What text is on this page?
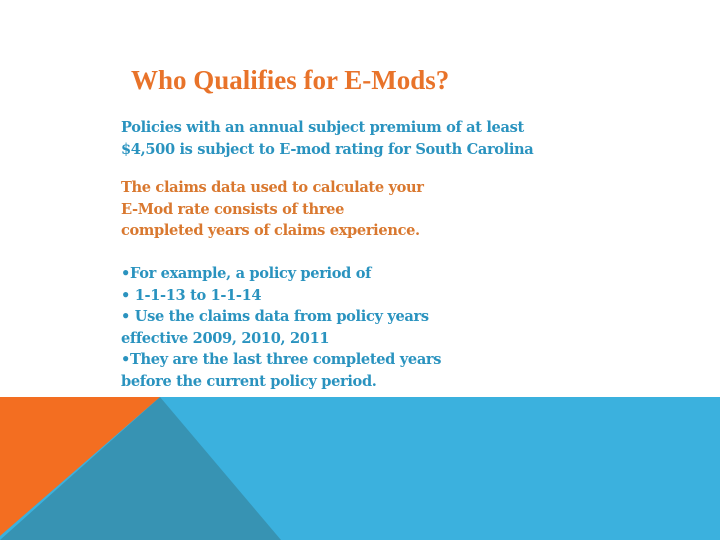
Who Qualifies for E-Mods?

Policies with an annual subject premium of at least
$4,500 is subject to E-mod rating for South Carolina

The claims data used to calculate your
E-Mod rate consists of three
completed years of claims experience.

•For example, a policy period of
• 1-1-13 to 1-1-14
• Use the claims data from policy years
effective 2009, 2010, 2011
•They are the last three completed years
before the current policy period.
